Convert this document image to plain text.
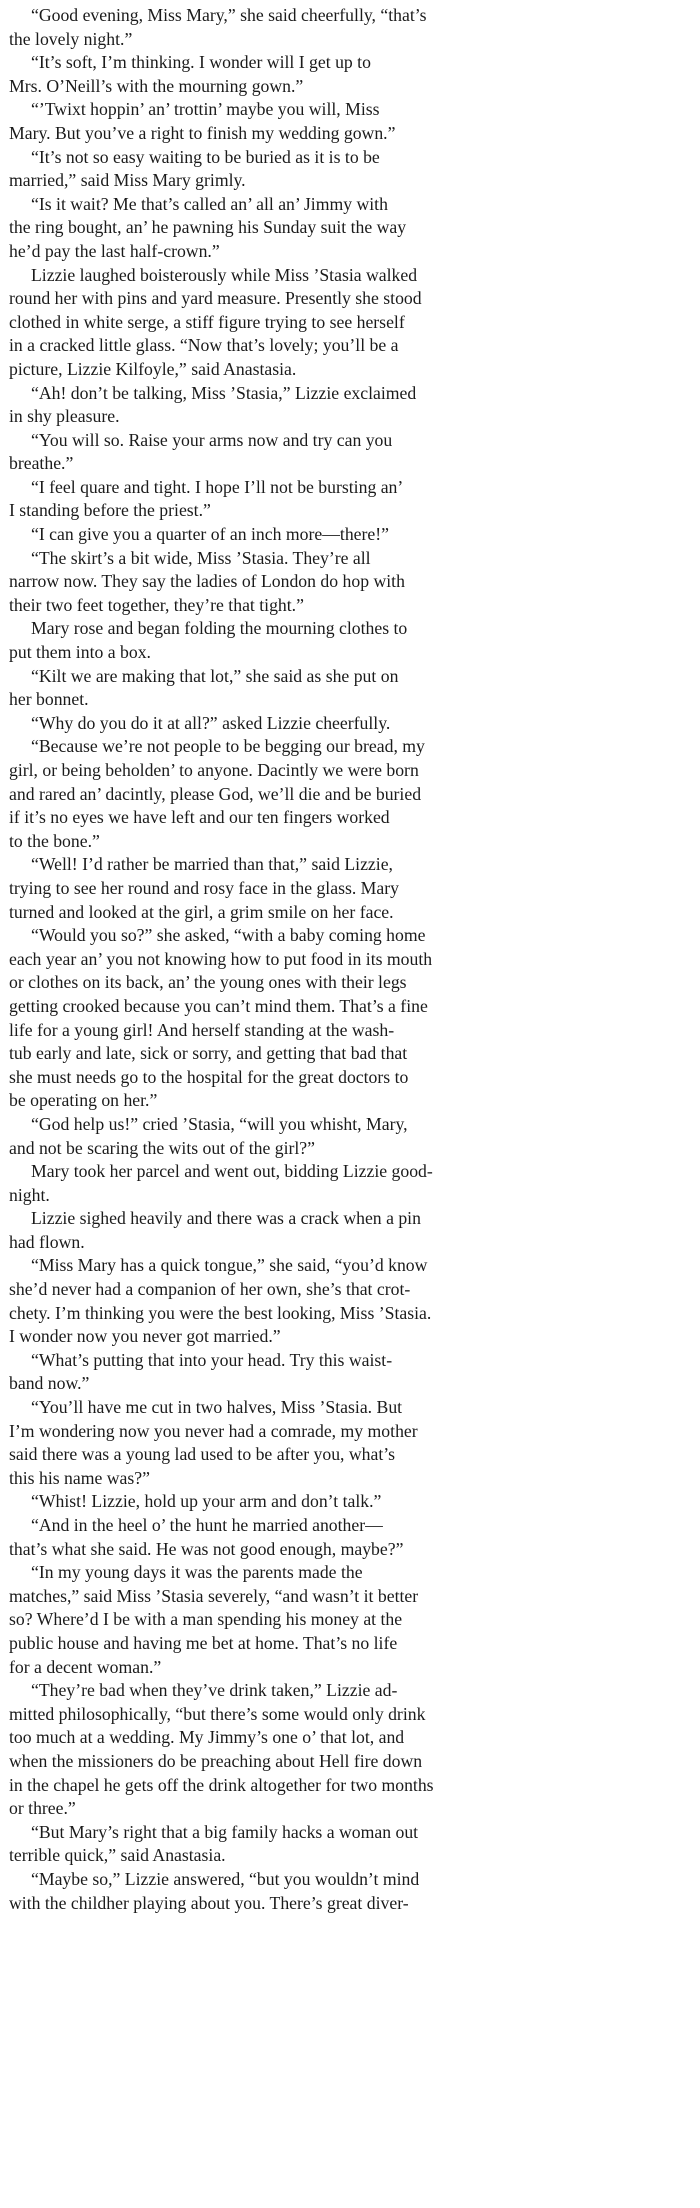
“Good evening, Miss Mary,” she said cheerfully, “that’s
the lovely night.”
“It’s soft, I’m thinking. I wonder will I get up to
Mrs. O’Neill’s with the mourning gown.”
“’Twixt hoppin’ an’ trottin’ maybe you will, Miss
Mary. But you’ve a right to finish my wedding gown.”
“It’s not so easy waiting to be buried as it is to be
married,” said Miss Mary grimly.
“Is it wait? Me that’s called an’ all an’ Jimmy with
the ring bought, an’ he pawning his Sunday suit the way
he’d pay the last half-crown.”
Lizzie laughed boisterously while Miss ’Stasia walked
round her with pins and yard measure. Presently she stood
clothed in white serge, a stiff figure trying to see herself
in a cracked little glass. “Now that’s lovely; you’ll be a
picture, Lizzie Kilfoyle,” said Anastasia.
“Ah! don’t be talking, Miss ’Stasia,” Lizzie exclaimed
in shy pleasure.
“You will so. Raise your arms now and try can you
breathe.”
“I feel quare and tight. I hope I’ll not be bursting an’
I standing before the priest.”
“I can give you a quarter of an inch more—there!”
“The skirt’s a bit wide, Miss ’Stasia. They’re all
narrow now. They say the ladies of London do hop with
their two feet together, they’re that tight.”
Mary rose and began folding the mourning clothes to
put them into a box.
“Kilt we are making that lot,” she said as she put on
her bonnet.
“Why do you do it at all?” asked Lizzie cheerfully.
“Because we’re not people to be begging our bread, my
girl, or being beholden’ to anyone. Dacintly we were born
and rared an’ dacintly, please God, we’ll die and be buried
if it’s no eyes we have left and our ten fingers worked
to the bone.”
“Well! I’d rather be married than that,” said Lizzie,
trying to see her round and rosy face in the glass. Mary
turned and looked at the girl, a grim smile on her face.
“Would you so?” she asked, “with a baby coming home
each year an’ you not knowing how to put food in its mouth
or clothes on its back, an’ the young ones with their legs
getting crooked because you can’t mind them. That’s a fine
life for a young girl! And herself standing at the wash-
tub early and late, sick or sorry, and getting that bad that
she must needs go to the hospital for the great doctors to
be operating on her.”
“God help us!” cried ’Stasia, “will you whisht, Mary,
and not be scaring the wits out of the girl?”
Mary took her parcel and went out, bidding Lizzie good-
night.
Lizzie sighed heavily and there was a crack when a pin
had flown.
“Miss Mary has a quick tongue,” she said, “you’d know
she’d never had a companion of her own, she’s that crot-
chety. I’m thinking you were the best looking, Miss ’Stasia.
I wonder now you never got married.”
“What’s putting that into your head. Try this waist-
band now.”
“You’ll have me cut in two halves, Miss ’Stasia. But
I’m wondering now you never had a comrade, my mother
said there was a young lad used to be after you, what’s
this his name was?”
“Whist! Lizzie, hold up your arm and don’t talk.”
“And in the heel o’ the hunt he married another—
that’s what she said. He was not good enough, maybe?”
“In my young days it was the parents made the
matches,” said Miss ’Stasia severely, “and wasn’t it better
so? Where’d I be with a man spending his money at the
public house and having me bet at home. That’s no life
for a decent woman.”
“They’re bad when they’ve drink taken,” Lizzie ad-
mitted philosophically, “but there’s some would only drink
too much at a wedding. My Jimmy’s one o’ that lot, and
when the missioners do be preaching about Hell fire down
in the chapel he gets off the drink altogether for two months
or three.”
“But Mary’s right that a big family hacks a woman out
terrible quick,” said Anastasia.
“Maybe so,” Lizzie answered, “but you wouldn’t mind
with the childher playing about you. There’s great diver-
